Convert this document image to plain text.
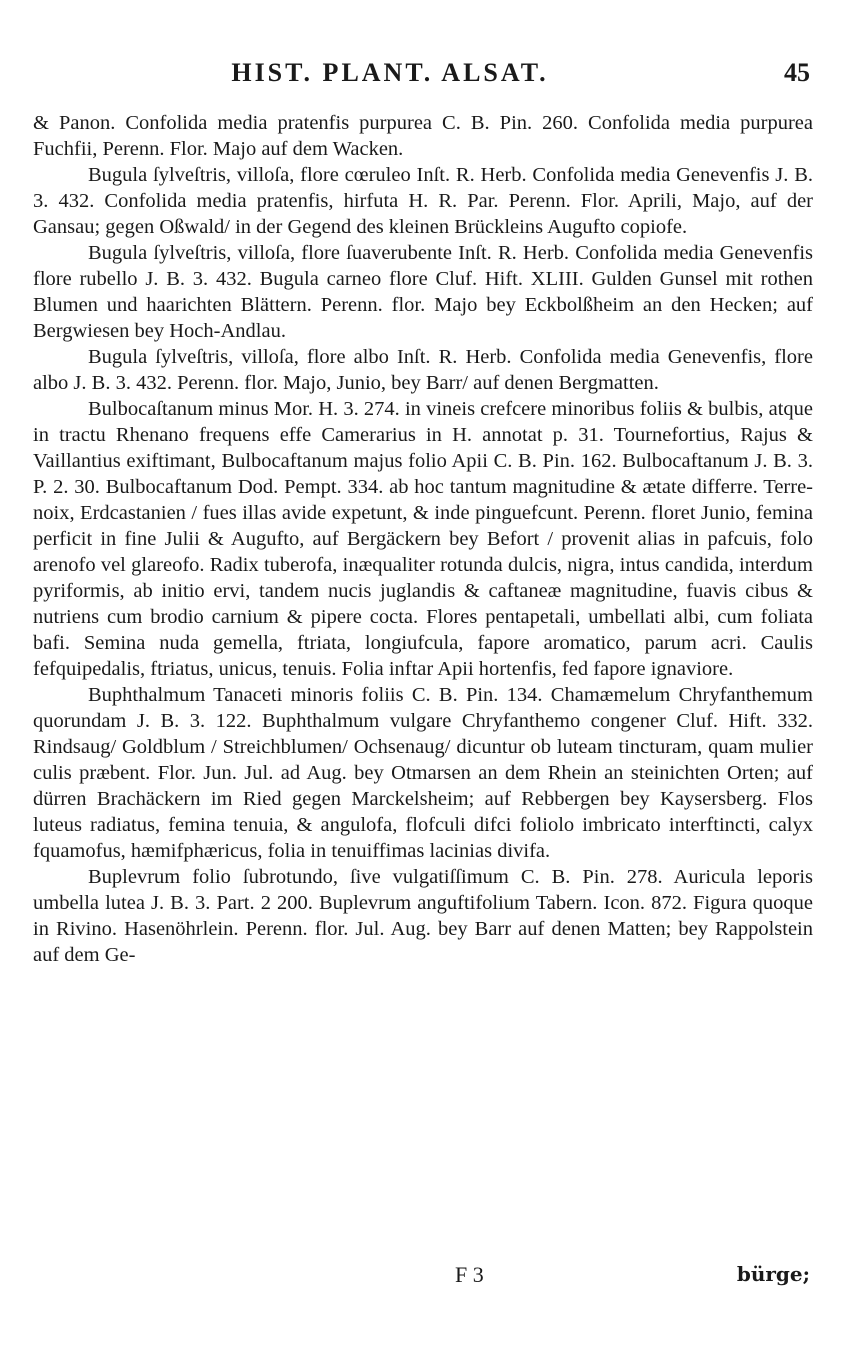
HIST. PLANT. ALSAT.	45

& Panon. Confolida media pratenfis purpurea C. B. Pin. 260. Confolida media purpurea Fuchfii, Perenn. Flor. Majo auf dem Wacken.

Bugula ſylveſtris, villoſa, flore cœruleo Inſt. R. Herb. Confolida media Genevenfis J. B. 3. 432. Confolida media pratenfis, hirfuta H. R. Par. Perenn. Flor. Aprili, Majo, auf der Gansau; gegen Oßwald/ in der Gegend des kleinen Brückleins Augufto copiofe.

Bugula ſylveſtris, villoſa, flore ſuaverubente Inſt. R. Herb. Confolida media Genevenfis flore rubello J. B. 3. 432. Bugula carneo flore Cluf. Hift. XLIII. Gulden Gunsel mit rothen Blumen und haarichten Blättern. Perenn. flor. Majo bey Eckbolßheim an den Hecken; auf Bergwiesen bey Hoch-Andlau.

Bugula ſylveſtris, villoſa, flore albo Inſt. R. Herb. Confolida media Genevenfis, flore albo J. B. 3. 432. Perenn. flor. Majo, Junio, bey Barr/ auf denen Bergmatten.

Bulbocaſtanum minus Mor. H. 3. 274. in vineis crefcere minoribus foliis & bulbis, atque in tractu Rhenano frequens effe Camerarius in H. annotat p. 31. Tournefortius, Rajus & Vaillantius exiftimant, Bulbocaftanum majus folio Apii C. B. Pin. 162. Bulbocaftanum J. B. 3. P. 2. 30. Bulbocaftanum Dod. Pempt. 334. ab hoc tantum magnitudine & ætate differre. Terre-noix, Erdcastanien / fues illas avide expetunt, & inde pinguefcunt. Perenn. floret Junio, femina perficit in fine Julii & Augufto, auf Bergäckern bey Befort / provenit alias in pafcuis, folo arenofo vel glareofo. Radix tuberofa, inæqualiter rotunda dulcis, nigra, intus candida, interdum pyriformis, ab initio ervi, tandem nucis juglandis & caftaneæ magnitudine, fuavis cibus & nutriens cum brodio carnium & pipere cocta. Flores pentapetali, umbellati albi, cum foliata bafi. Semina nuda gemella, ftriata, longiufcula, fapore aromatico, parum acri. Caulis fefquipedalis, ftriatus, unicus, tenuis. Folia inftar Apii hortenfis, fed fapore ignaviore.

Buphthalmum Tanaceti minoris foliis C. B. Pin. 134. Chamæmelum Chryfanthemum quorundam J. B. 3. 122. Buphthalmum vulgare Chryfanthemo congener Cluf. Hift. 332. Rindsaug/ Goldblum / Streichblumen/ Ochsenaug/ dicuntur ob luteam tincturam, quam mulier culis præbent. Flor. Jun. Jul. ad Aug. bey Otmarsen an dem Rhein an steinichten Orten; auf dürren Brachäckern im Ried gegen Marckelsheim; auf Rebbergen bey Kaysersberg. Flos luteus radiatus, femina tenuia, & angulofa, flofculi difci foliolo imbricato interftincti, calyx fquamofus, hæmifphæricus, folia in tenuiffimas lacinias divifa.

Buplevrum folio ſubrotundo, ſive vulgatiſſimum C. B. Pin. 278. Auricula leporis umbella lutea J. B. 3. Part. 2 200. Buplevrum anguftifolium Tabern. Icon. 872. Figura quoque in Rivino. Hasenöhrlein. Perenn. flor. Jul. Aug. bey Barr auf denen Matten; bey Rappolstein auf dem Ge-

F 3	bürge;
